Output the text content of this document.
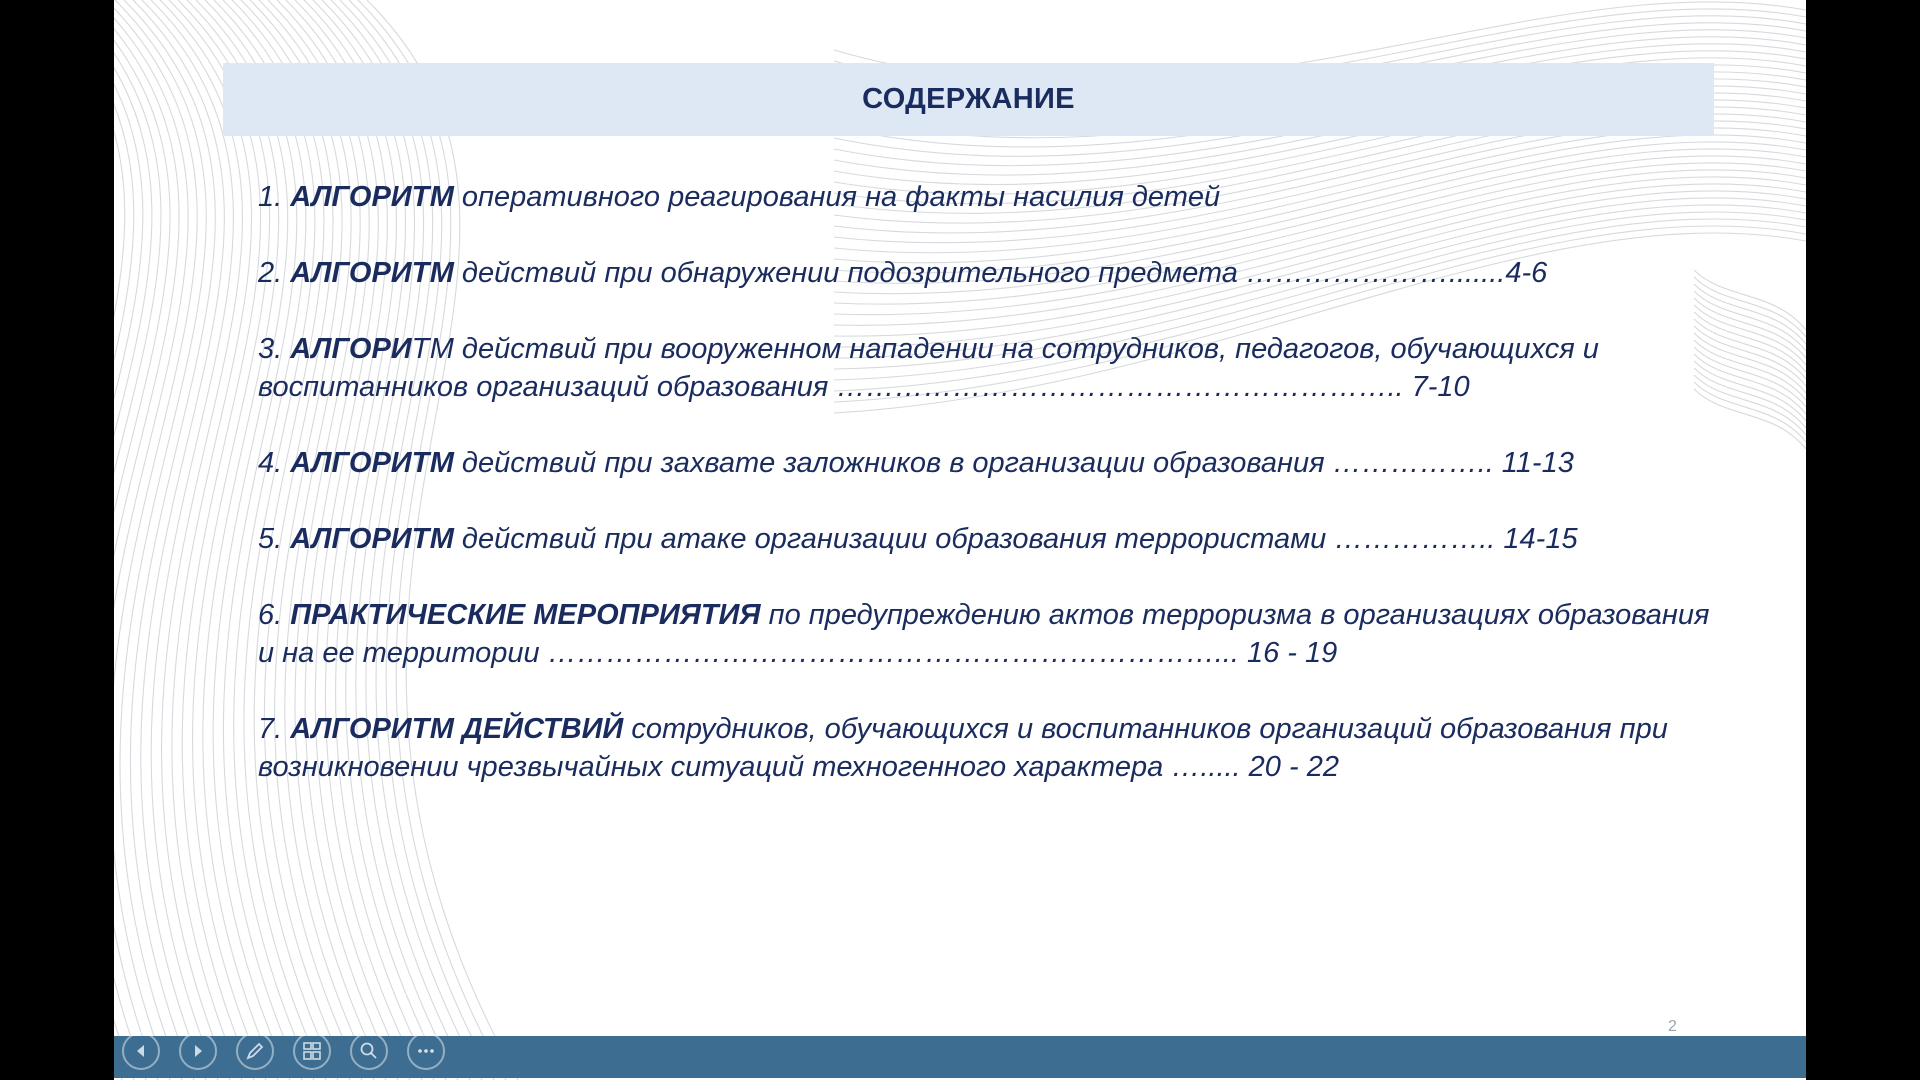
СОДЕРЖАНИЕ
1. АЛГОРИТМ оперативного реагирования на факты насилия детей
2. АЛГОРИТМ действий при обнаружении подозрительного предмета ………………….......4-6
3. АЛГОРИТМ действий при вооруженном нападении на сотрудников, педагогов, обучающихся и воспитанников организаций образования ………………………………………………….. 7-10
4. АЛГОРИТМ действий при захвате заложников в организации образования …………….. 11-13
5. АЛГОРИТМ действий при атаке организации образования террористами …………….. 14-15
6. ПРАКТИЧЕСКИЕ МЕРОПРИЯТИЯ по предупреждению актов терроризма в организациях образования и на ее территории ……………………………………………………………... 16 - 19
7. АЛГОРИТМ ДЕЙСТВИЙ сотрудников, обучающихся и воспитанников организаций образования при возникновении чрезвычайных ситуаций техногенного характера …..... 20 - 22
2
